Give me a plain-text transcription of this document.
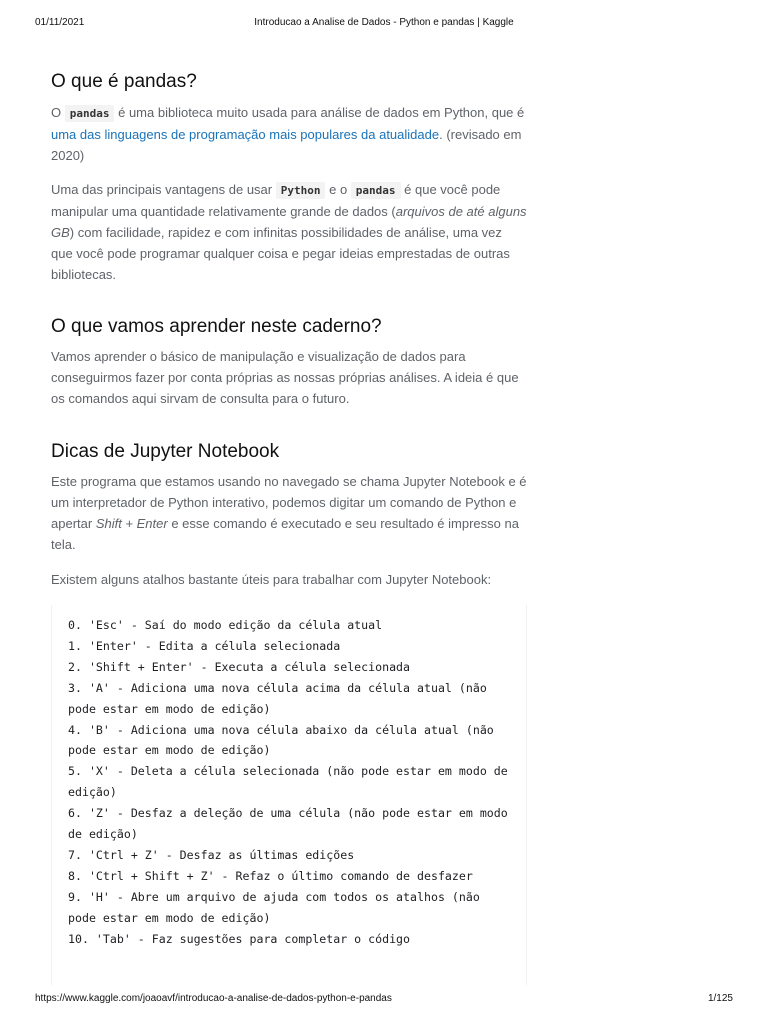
01/11/2021	Introducao a Analise de Dados - Python e pandas | Kaggle
O que é pandas?

O pandas é uma biblioteca muito usada para análise de dados em Python, que é uma das linguagens de programação mais populares da atualidade. (revisado em 2020)

Uma das principais vantagens de usar Python e o pandas é que você pode manipular uma quantidade relativamente grande de dados (arquivos de até alguns GB) com facilidade, rapidez e com infinitas possibilidades de análise, uma vez que você pode programar qualquer coisa e pegar ideias emprestadas de outras bibliotecas.

O que vamos aprender neste caderno?

Vamos aprender o básico de manipulação e visualização de dados para conseguirmos fazer por conta próprias as nossas próprias análises. A ideia é que os comandos aqui sirvam de consulta para o futuro.

Dicas de Jupyter Notebook

Este programa que estamos usando no navegado se chama Jupyter Notebook e é um interpretador de Python interativo, podemos digitar um comando de Python e apertar Shift + Enter e esse comando é executado e seu resultado é impresso na tela.

Existem alguns atalhos bastante úteis para trabalhar com Jupyter Notebook:

0. 'Esc' - Saí do modo edição da célula atual
1. 'Enter' - Edita a célula selecionada
2. 'Shift + Enter' - Executa a célula selecionada
3. 'A' - Adiciona uma nova célula acima da célula atual (não pode estar em modo de edição)
4. 'B' - Adiciona uma nova célula abaixo da célula atual (não pode estar em modo de edição)
5. 'X' - Deleta a célula selecionada (não pode estar em modo de edição)
6. 'Z' - Desfaz a deleção de uma célula (não pode estar em modo de edição)
7. 'Ctrl + Z' - Desfaz as últimas edições
8. 'Ctrl + Shift + Z' - Refaz o último comando de desfazer
9. 'H' - Abre um arquivo de ajuda com todos os atalhos (não pode estar em modo de edição)
10. 'Tab' - Faz sugestões para completar o código
https://www.kaggle.com/joaoavf/introducao-a-analise-de-dados-python-e-pandas	1/125
